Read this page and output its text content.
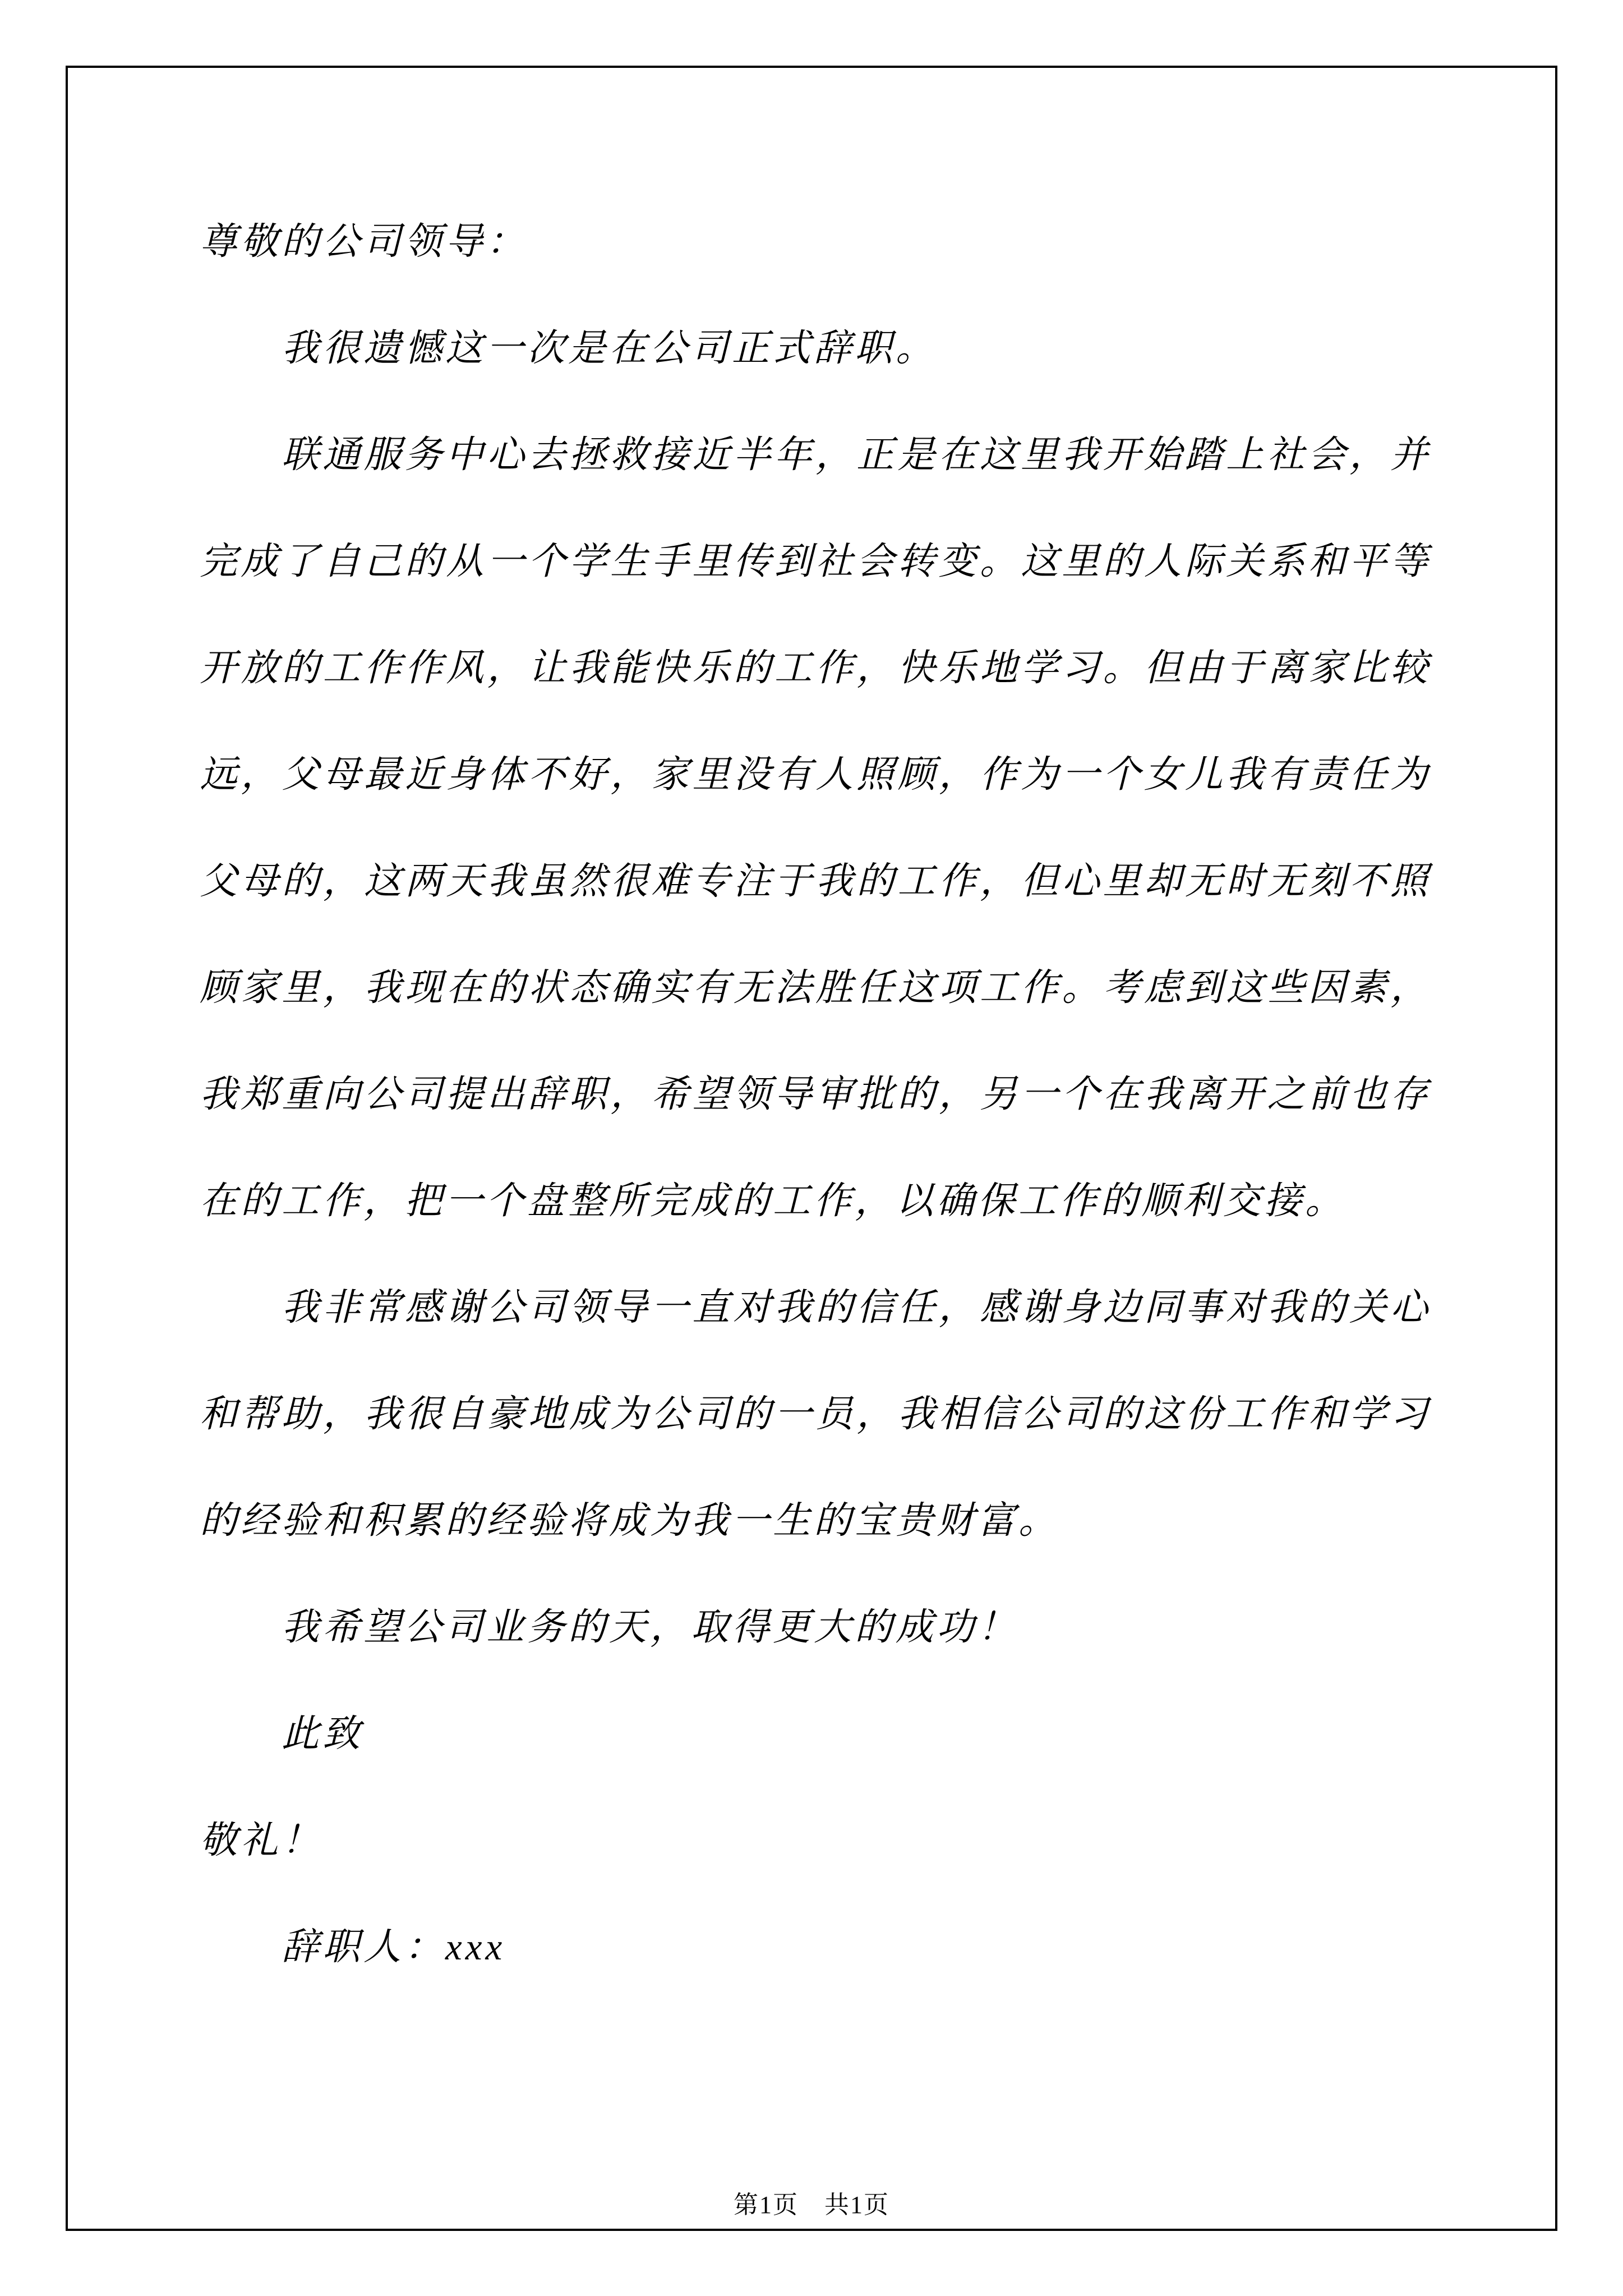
尊敬的公司领导：

我很遗憾这一次是在公司正式辞职。

联通服务中心去拯救接近半年，正是在这里我开始踏上社会，并完成了自己的从一个学生手里传到社会转变。这里的人际关系和平等开放的工作作风，让我能快乐的工作，快乐地学习。但由于离家比较远，父母最近身体不好，家里没有人照顾，作为一个女儿我有责任为父母的，这两天我虽然很难专注于我的工作，但心里却无时无刻不照顾家里，我现在的状态确实有无法胜任这项工作。考虑到这些因素，我郑重向公司提出辞职，希望领导审批的，另一个在我离开之前也存在的工作，把一个盘整所完成的工作，以确保工作的顺利交接。

我非常感谢公司领导一直对我的信任，感谢身边同事对我的关心和帮助，我很自豪地成为公司的一员，我相信公司的这份工作和学习的经验和积累的经验将成为我一生的宝贵财富。

我希望公司业务的天，取得更大的成功！

此致

敬礼！

辞职人：xxx

第1页　共1页
